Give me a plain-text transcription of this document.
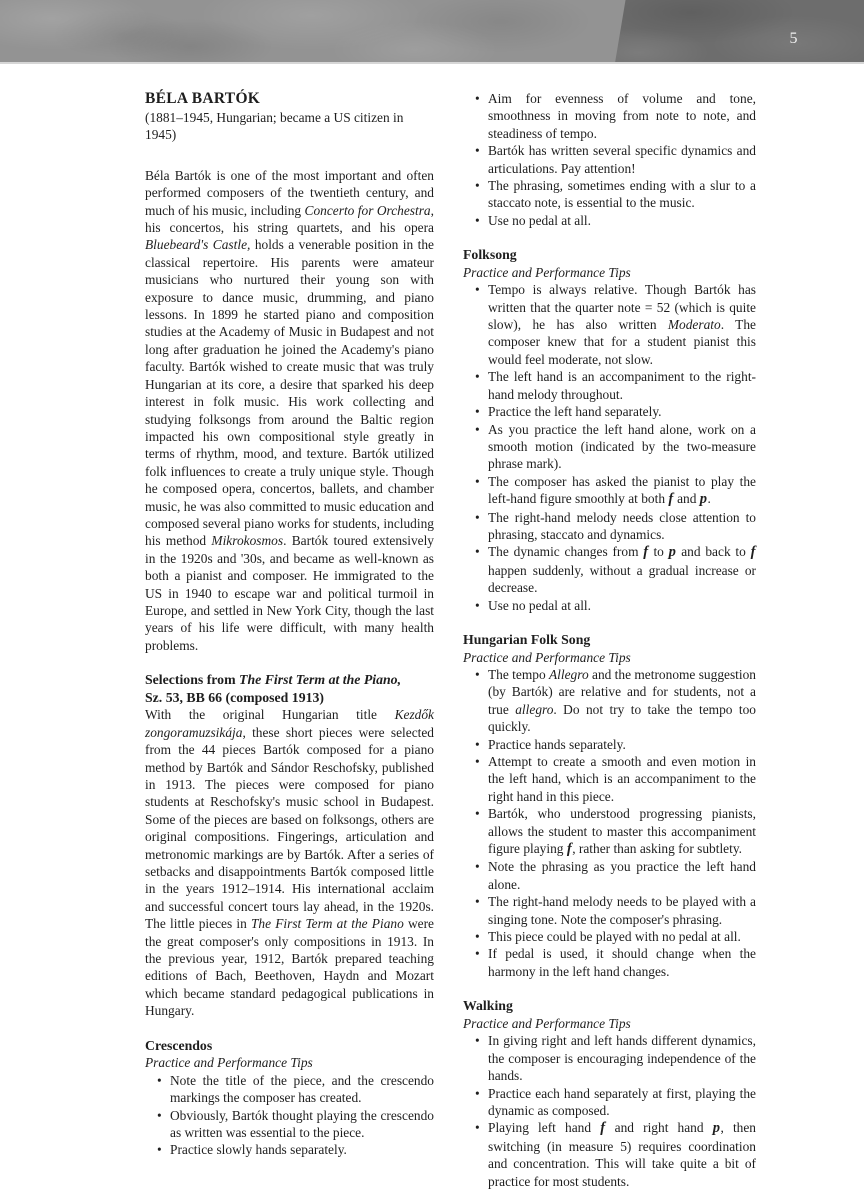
5
BÉLA BARTÓK
(1881–1945, Hungarian; became a US citizen in 1945)

Béla Bartók is one of the most important and often performed composers of the twentieth century, and much of his music, including Concerto for Orchestra, his concertos, his string quartets, and his opera Bluebeard's Castle, holds a venerable position in the classical repertoire. His parents were amateur musicians who nurtured their young son with exposure to dance music, drumming, and piano lessons. In 1899 he started piano and composition studies at the Academy of Music in Budapest and not long after graduation he joined the Academy's piano faculty. Bartók wished to create music that was truly Hungarian at its core, a desire that sparked his deep interest in folk music. His work collecting and studying folksongs from around the Baltic region impacted his own compositional style greatly in terms of rhythm, mood, and texture. Bartók utilized folk influences to create a truly unique style. Though he composed opera, concertos, ballets, and chamber music, he was also committed to music education and composed several piano works for students, including his method Mikrokosmos. Bartók toured extensively in the 1920s and '30s, and became as well-known as both a pianist and composer. He immigrated to the US in 1940 to escape war and political turmoil in Europe, and settled in New York City, though the last years of his life were difficult, with many health problems.

Selections from The First Term at the Piano,
Sz. 53, BB 66 (composed 1913)

With the original Hungarian title Kezdők zongoramuzsikája, these short pieces were selected from the 44 pieces Bartók composed for a piano method by Bartók and Sándor Reschofsky, published in 1913. The pieces were composed for piano students at Reschofsky's music school in Budapest. Some of the pieces are based on folksongs, others are original compositions. Fingerings, articulation and metronomic markings are by Bartók. After a series of setbacks and disappointments Bartók composed little in the years 1912–1914. His international acclaim and successful concert tours lay ahead, in the 1920s. The little pieces in The First Term at the Piano were the great composer's only compositions in 1913. In the previous year, 1912, Bartók prepared teaching editions of Bach, Beethoven, Haydn and Mozart which became standard pedagogical publications in Hungary.

Crescendos
Practice and Performance Tips
• Note the title of the piece, and the crescendo markings the composer has created.
• Obviously, Bartók thought playing the crescendo as written was essential to the piece.
• Practice slowly hands separately.
• Aim for evenness of volume and tone, smoothness in moving from note to note, and steadiness of tempo.
• Bartók has written several specific dynamics and articulations. Pay attention!
• The phrasing, sometimes ending with a slur to a staccato note, is essential to the music.
• Use no pedal at all.
Folksong
Practice and Performance Tips
• Tempo is always relative. Though Bartók has written that the quarter note = 52 (which is quite slow), he has also written Moderato. The composer knew that for a student pianist this would feel moderate, not slow.
• The left hand is an accompaniment to the right-hand melody throughout.
• Practice the left hand separately.
• As you practice the left hand alone, work on a smooth motion (indicated by the two-measure phrase mark).
• The composer has asked the pianist to play the left-hand figure smoothly at both f and p.
• The right-hand melody needs close attention to phrasing, staccato and dynamics.
• The dynamic changes from f to p and back to f happen suddenly, without a gradual increase or decrease.
• Use no pedal at all.
Hungarian Folk Song
Practice and Performance Tips
• The tempo Allegro and the metronome suggestion (by Bartók) are relative and for students, not a true allegro. Do not try to take the tempo too quickly.
• Practice hands separately.
• Attempt to create a smooth and even motion in the left hand, which is an accompaniment to the right hand in this piece.
• Bartók, who understood progressing pianists, allows the student to master this accompaniment figure playing f, rather than asking for subtlety.
• Note the phrasing as you practice the left hand alone.
• The right-hand melody needs to be played with a singing tone. Note the composer's phrasing.
• This piece could be played with no pedal at all.
• If pedal is used, it should change when the harmony in the left hand changes.
Walking
Practice and Performance Tips
• In giving right and left hands different dynamics, the composer is encouraging independence of the hands.
• Practice each hand separately at first, playing the dynamic as composed.
• Playing left hand f and right hand p, then switching (in measure 5) requires coordination and concentration. This will take quite a bit of practice for most students.
